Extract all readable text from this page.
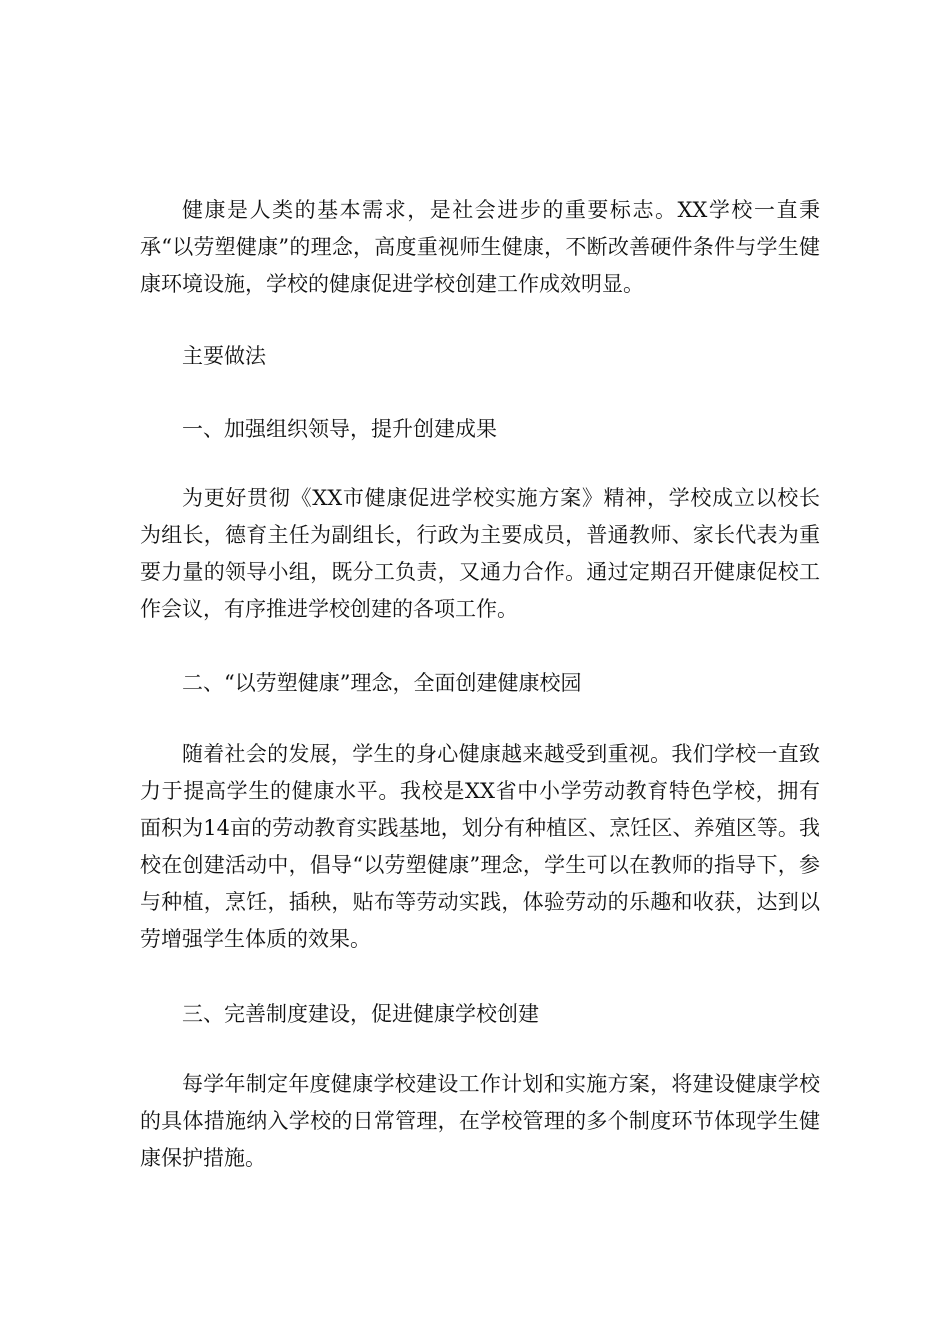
健康是人类的基本需求，是社会进步的重要标志。XX学校一直秉承“以劳塑健康”的理念，高度重视师生健康，不断改善硬件条件与学生健康环境设施，学校的健康促进学校创建工作成效明显。

主要做法

一、加强组织领导，提升创建成果

为更好贯彻《XX市健康促进学校实施方案》精神，学校成立以校长为组长，德育主任为副组长，行政为主要成员，普通教师、家长代表为重要力量的领导小组，既分工负责，又通力合作。通过定期召开健康促校工作会议，有序推进学校创建的各项工作。

二、“以劳塑健康”理念，全面创建健康校园

随着社会的发展，学生的身心健康越来越受到重视。我们学校一直致力于提高学生的健康水平。我校是XX省中小学劳动教育特色学校，拥有面积为14亩的劳动教育实践基地，划分有种植区、烹饪区、养殖区等。我校在创建活动中，倡导“以劳塑健康”理念，学生可以在教师的指导下，参与种植，烹饪，插秧，贴布等劳动实践，体验劳动的乐趣和收获，达到以劳增强学生体质的效果。

三、完善制度建设，促进健康学校创建

每学年制定年度健康学校建设工作计划和实施方案，将建设健康学校的具体措施纳入学校的日常管理，在学校管理的多个制度环节体现学生健康保护措施。
